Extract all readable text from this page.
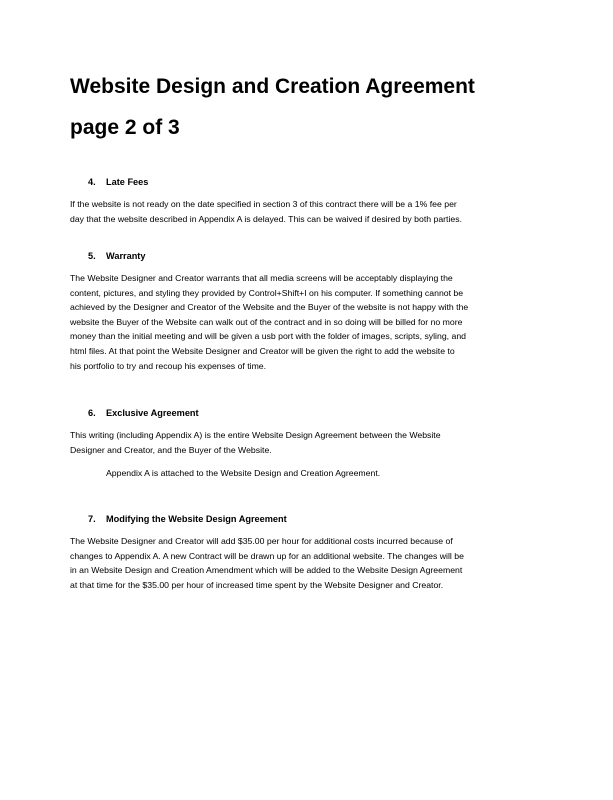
Website Design and Creation Agreement
page 2 of 3
4. Late Fees
If the website is not ready on the date specified in section 3 of this contract there will be a 1% fee per
day that the website described in Appendix A is delayed. This can be waived if desired by both parties.
5. Warranty
The Website Designer and Creator warrants that all media screens will be acceptably displaying the
content, pictures, and styling they provided by Control+Shift+I on his computer. If something cannot be
achieved by the Designer and Creator of the Website and the Buyer of the website is not happy with the
website the Buyer of the Website can walk out of the contract and in so doing will be billed for no more
money than the initial meeting and will be given a usb port with the folder of images, scripts, syling, and
html files. At that point the Website Designer and Creator will be given the right to add the website to
his portfolio to try and recoup his expenses of time.
6. Exclusive Agreement
This writing (including Appendix A) is the entire Website Design Agreement between the Website
Designer and Creator, and the Buyer of the Website.
Appendix A is attached to the Website Design and Creation Agreement.
7. Modifying the Website Design Agreement
The Website Designer and Creator will add $35.00 per hour for additional costs incurred because of
changes to Appendix A. A new Contract will be drawn up for an additional website. The changes will be
in an Website Design and Creation Amendment which will be added to the Website Design Agreement
at that time for the $35.00 per hour of increased time spent by the Website Designer and Creator.
